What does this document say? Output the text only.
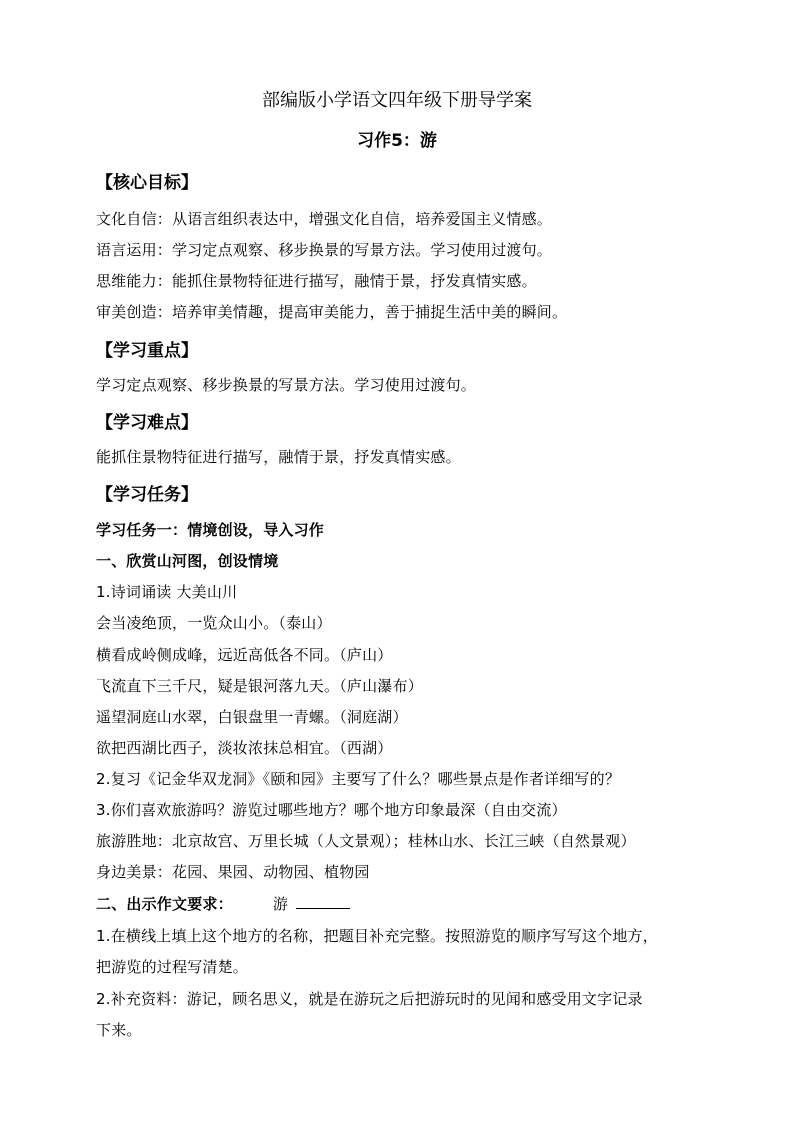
部编版小学语文四年级下册导学案
习作5：游
【核心目标】
文化自信：从语言组织表达中，增强文化自信，培养爱国主义情感。
语言运用：学习定点观察、移步换景的写景方法。学习使用过渡句。
思维能力：能抓住景物特征进行描写，融情于景，抒发真情实感。
审美创造：培养审美情趣，提高审美能力，善于捕捉生活中美的瞬间。
【学习重点】
学习定点观察、移步换景的写景方法。学习使用过渡句。
【学习难点】
能抓住景物特征进行描写，融情于景，抒发真情实感。
【学习任务】
学习任务一：情境创设，导入习作
一、欣赏山河图，创设情境
1.诗词诵读 大美山川
会当凌绝顶，一览众山小。（泰山）
横看成岭侧成峰，远近高低各不同。（庐山）
飞流直下三千尺，疑是银河落九天。（庐山瀑布）
遥望洞庭山水翠，白银盘里一青螺。（洞庭湖）
欲把西湖比西子，淡妆浓抹总相宜。（西湖）
2.复习《记金华双龙洞》《颐和园》主要写了什么？哪些景点是作者详细写的？
3.你们喜欢旅游吗？游览过哪些地方？哪个地方印象最深（自由交流）
旅游胜地：北京故宫、万里长城（人文景观）；桂林山水、长江三峡（自然景观）
身边美景：花园、果园、动物园、植物园
二、出示作文要求：	游
1.在横线上填上这个地方的名称，把题目补充完整。按照游览的顺序写写这个地方，
把游览的过程写清楚。
2.补充资料：游记，顾名思义，就是在游玩之后把游玩时的见闻和感受用文字记录
下来。
